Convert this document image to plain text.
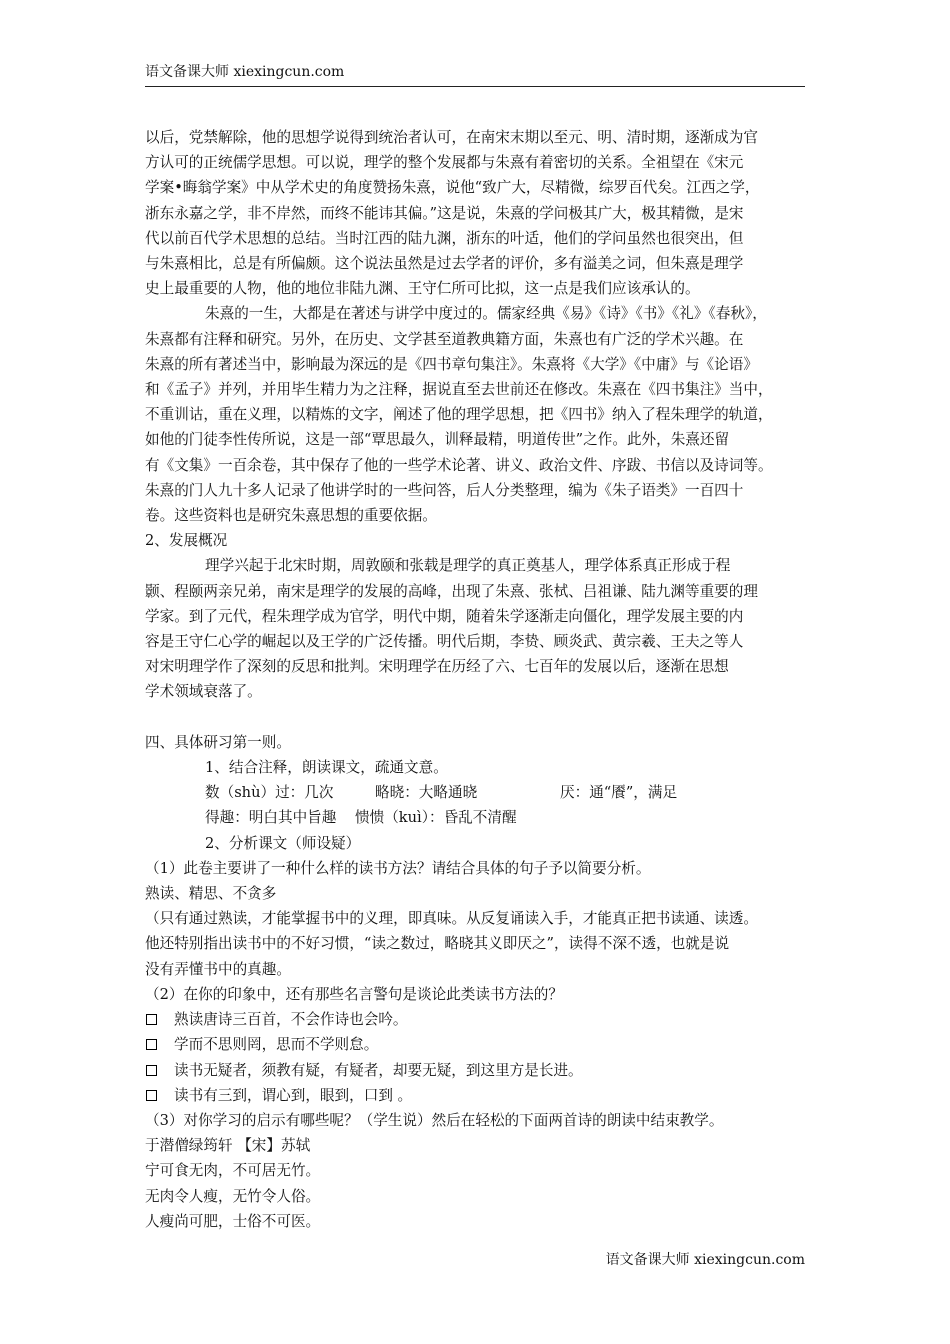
语文备课大师 xiexingcun.com

以后，党禁解除，他的思想学说得到统治者认可，在南宋末期以至元、明、清时期，逐渐成为官

方认可的正统儒学思想。可以说，理学的整个发展都与朱熹有着密切的关系。全祖望在《宋元

学案•晦翁学案》中从学术史的角度赞扬朱熹，说他“致广大，尽精微，综罗百代矣。江西之学，

浙东永嘉之学，非不岸然，而终不能讳其偏。”这是说，朱熹的学问极其广大，极其精微，是宋

代以前百代学术思想的总结。当时江西的陆九渊，浙东的叶适，他们的学问虽然也很突出，但

与朱熹相比，总是有所偏颇。这个说法虽然是过去学者的评价，多有溢美之词，但朱熹是理学

史上最重要的人物，他的地位非陆九渊、王守仁所可比拟，这一点是我们应该承认的。

朱熹的一生，大都是在著述与讲学中度过的。儒家经典《易》《诗》《书》《礼》《春秋》，

朱熹都有注释和研究。另外，在历史、文学甚至道教典籍方面，朱熹也有广泛的学术兴趣。在

朱熹的所有著述当中，影响最为深远的是《四书章句集注》。朱熹将《大学》《中庸》与《论语》

和《孟子》并列，并用毕生精力为之注释，据说直至去世前还在修改。朱熹在《四书集注》当中，

不重训诂，重在义理，以精炼的文字，阐述了他的理学思想，把《四书》纳入了程朱理学的轨道，

如他的门徒李性传所说，这是一部“覃思最久，训释最精，明道传世”之作。此外，朱熹还留

有《文集》一百余卷，其中保存了他的一些学术论著、讲义、政治文件、序跋、书信以及诗词等。

朱熹的门人九十多人记录了他讲学时的一些问答，后人分类整理，编为《朱子语类》一百四十

卷。这些资料也是研究朱熹思想的重要依据。

2、发展概况

理学兴起于北宋时期，周敦颐和张载是理学的真正奠基人，理学体系真正形成于程

颢、程颐两亲兄弟，南宋是理学的发展的高峰，出现了朱熹、张栻、吕祖谦、陆九渊等重要的理

学家。到了元代，程朱理学成为官学，明代中期，随着朱学逐渐走向僵化，理学发展主要的内

容是王守仁心学的崛起以及王学的广泛传播。明代后期，李贽、顾炎武、黄宗羲、王夫之等人

对宋明理学作了深刻的反思和批判。宋明理学在历经了六、七百年的发展以后，逐渐在思想

学术领域衰落了。

四、具体研习第一则。

1、结合注释，朗读课文，疏通文意。

数（shù）过：几次	略晓：大略通晓	厌：通“餍”，满足

得趣：明白其中旨趣 愦愦（kuì）：昏乱不清醒

2、分析课文（师设疑）

（1）此卷主要讲了一种什么样的读书方法？请结合具体的句子予以简要分析。

熟读、精思、不贪多

（只有通过熟读，才能掌握书中的义理，即真味。从反复诵读入手，才能真正把书读通、读透。

他还特别指出读书中的不好习惯，“读之数过，略晓其义即厌之”，读得不深不透，也就是说

没有弄懂书中的真趣。

（2）在你的印象中，还有那些名言警句是谈论此类读书方法的？

熟读唐诗三百首，不会作诗也会吟。
学而不思则罔，思而不学则怠。
读书无疑者，须教有疑，有疑者，却要无疑，到这里方是长进。
读书有三到，谓心到，眼到，口到 。

（3）对你学习的启示有哪些呢？（学生说）然后在轻松的下面两首诗的朗读中结束教学。

于潜僧绿筠轩 【宋】苏轼

宁可食无肉，不可居无竹。

无肉令人瘦，无竹令人俗。

人瘦尚可肥，士俗不可医。

语文备课大师 xiexingcun.com
